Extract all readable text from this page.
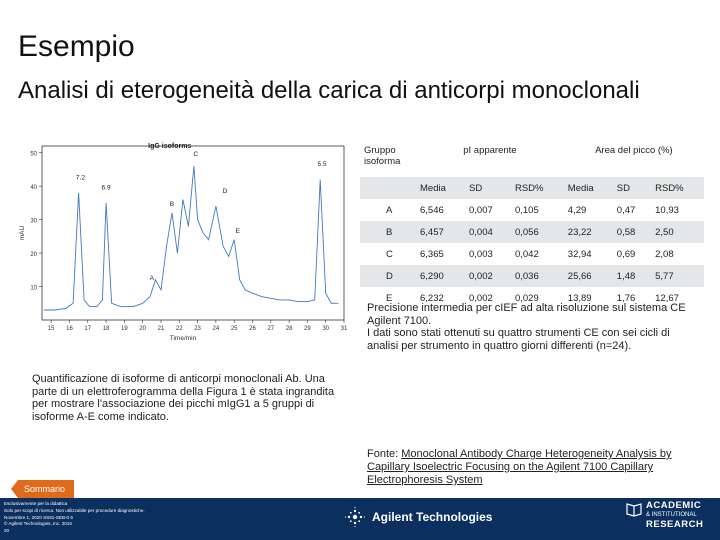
Esempio
Analisi di eterogeneità della carica di anticorpi monoclonali
10
20
30
40
50
15 16 17 18 19 20 21 22 23 24 25 26 27 28 29 30 31
Time/min
mAU
IgG isoforms
7.2
6.9
A
B
C
D
E
5.5
Gruppo isoforma	pI apparente			Area del picco (%)		
	Media	SD	RSD%	Media	SD	RSD%
A	6,546	0,007	0,105	4,29	0,47	10,93
B	6,457	0,004	0,056	23,22	0,58	2,50
C	6,365	0,003	0,042	32,94	0,69	2,08
D	6,290	0,002	0,036	25,66	1,48	5,77
E	6,232	0,002	0,029	13,89	1,76	12,67
Precisione intermedia per cIEF ad alta risoluzione sul sistema CE Agilent 7100.
I dati sono stati ottenuti su quattro strumenti CE con sei cicli di analisi per strumento in quattro giorni differenti (n=24).
Quantificazione di isoforme di anticorpi monoclonali Ab. Una parte di un elettroferogramma della Figura 1 è stata ingrandita per mostrare l'associazione dei picchi mIgG1 a 5 gruppi di isoforme A-E come indicato.
Fonte: Monoclonal Antibody Charge Heterogeneity Analysis by Capillary Isoelectric Focusing on the Agilent 7100 Capillary Electrophoresis System
Sommario
Esclusivamente per la didattica
Solo per scopi di ricerca. Non utilizzabile per procedure diagnostiche.
Novembre 1, 2020 SS81-SEB-0 6
© Agilent Technologies, Inc. 2016
20
Agilent Technologies
ACADEMIC
& INSTITUTIONAL
RESEARCH
